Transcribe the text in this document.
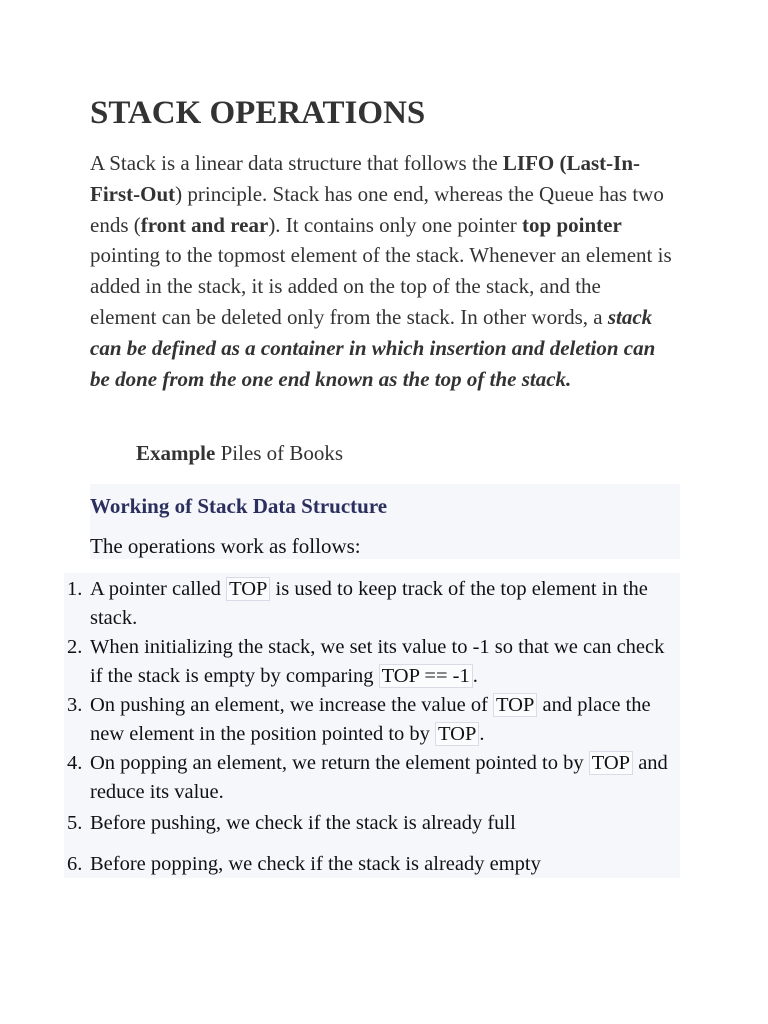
STACK OPERATIONS

A Stack is a linear data structure that follows the LIFO (Last-In-First-Out) principle. Stack has one end, whereas the Queue has two ends (front and rear). It contains only one pointer top pointer pointing to the topmost element of the stack. Whenever an element is added in the stack, it is added on the top of the stack, and the element can be deleted only from the stack. In other words, a stack can be defined as a container in which insertion and deletion can be done from the one end known as the top of the stack.

Example Piles of Books

Working of Stack Data Structure

The operations work as follows:

1. A pointer called TOP is used to keep track of the top element in the stack.
2. When initializing the stack, we set its value to -1 so that we can check if the stack is empty by comparing TOP == -1 .
3. On pushing an element, we increase the value of TOP and place the new element in the position pointed to by TOP .
4. On popping an element, we return the element pointed to by TOP and reduce its value.
5. Before pushing, we check if the stack is already full
6. Before popping, we check if the stack is already empty
